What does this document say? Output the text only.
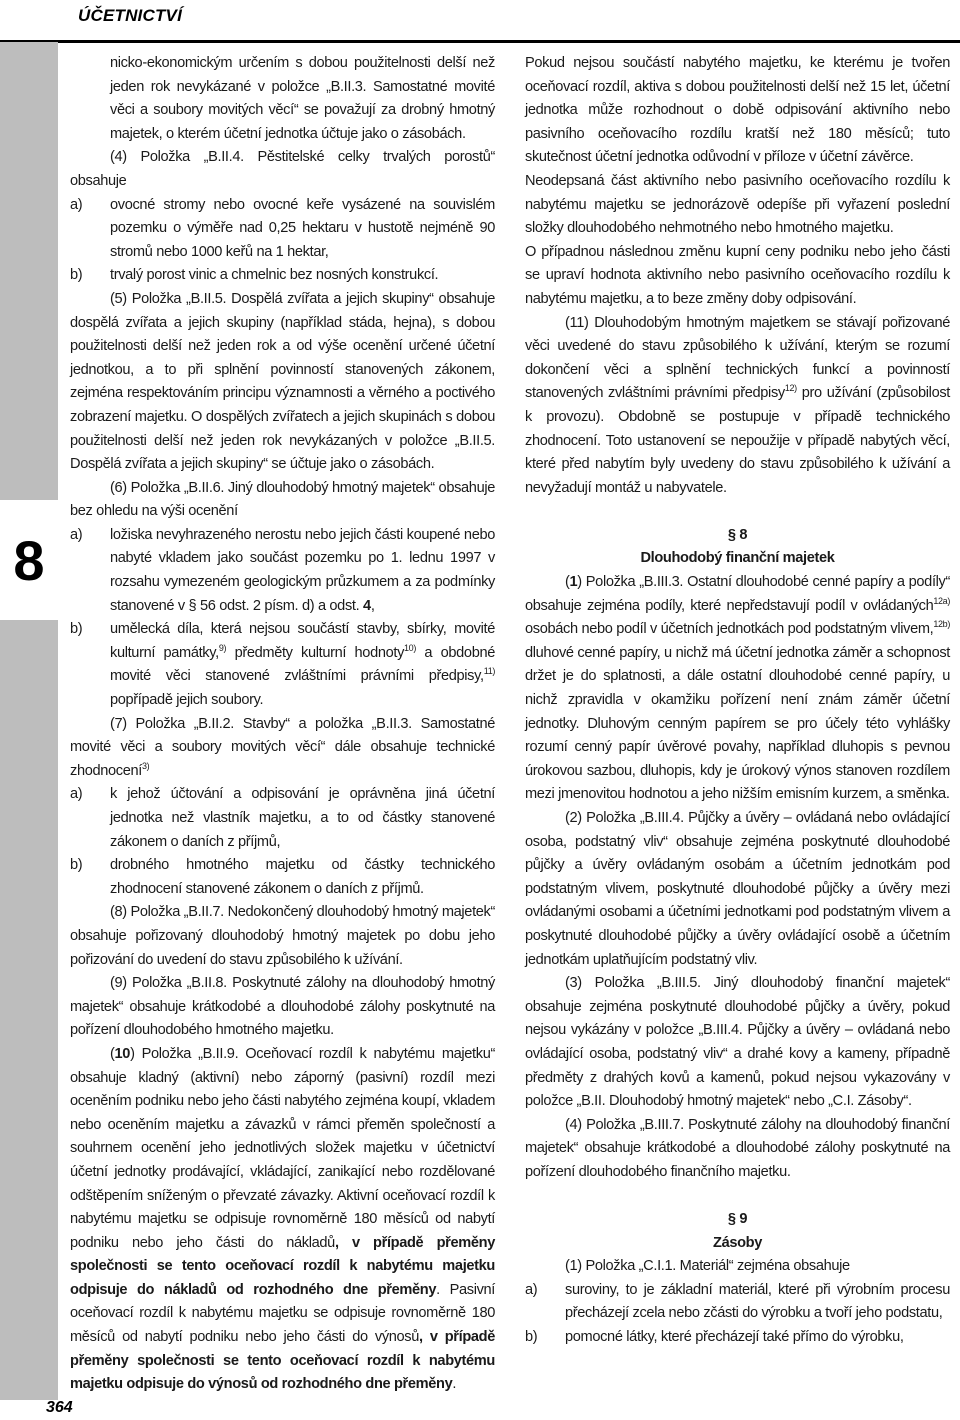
ÚČETNICTVÍ
8
364

nicko-ekonomickým určením s dobou použitelnosti delší než jeden rok nevykázané v položce „B.II.3. Samostatné movité věci a soubory movitých věcí“ se považují za drobný hmotný majetek, o kterém účetní jednotka účtuje jako o zásobách.

(4) Položka „B.II.4. Pěstitelské celky trvalých porostů“ obsahuje

a)	ovocné stromy nebo ovocné keře vysázené na souvislém pozemku o výměře nad 0,25 hektaru v hustotě nejméně 90 stromů nebo 1000 keřů na 1 hektar,
b)	trvalý porost vinic a chmelnic bez nosných konstrukcí.

(5) Položka „B.II.5. Dospělá zvířata a jejich skupiny“ obsahuje dospělá zvířata a jejich skupiny (například stáda, hejna), s dobou použitelnosti delší než jeden rok a od výše ocenění určené účetní jednotkou, a to při splnění povinností stanovených zákonem, zejména respektováním principu významnosti a věrného a poctivého zobrazení majetku. O dospělých zvířatech a jejich skupinách s dobou použitelnosti delší než jeden rok nevykázaných v položce „B.II.5. Dospělá zvířata a jejich skupiny“ se účtuje jako o zásobách.

(6) Položka „B.II.6. Jiný dlouhodobý hmotný majetek“ obsahuje bez ohledu na výši ocenění

a)	ložiska nevyhrazeného nerostu nebo jejich části koupené nebo nabyté vkladem jako součást pozemku po 1. lednu 1997 v rozsahu vymezeném geologickým průzkumem a za podmínky stanovené v § 56 odst. 2 písm. d) a odst. 4,
b)	umělecká díla, která nejsou součástí stavby, sbírky, movité kulturní památky,$^{9)}$ předměty kulturní hodnoty$^{10)}$ a obdobné movité věci stanovené zvláštními právními předpisy,$^{11)}$ popřípadě jejich soubory.

(7) Položka „B.II.2. Stavby“ a položka „B.II.3. Samostatné movité věci a soubory movitých věcí“ dále obsahuje technické zhodnocení$^{3)}$

a)	k jehož účtování a odpisování je oprávněna jiná účetní jednotka než vlastník majetku, a to od částky stanovené zákonem o daních z příjmů,
b)	drobného hmotného majetku od částky technického zhodnocení stanovené zákonem o daních z příjmů.

(8) Položka „B.II.7. Nedokončený dlouhodobý hmotný majetek“ obsahuje pořizovaný dlouhodobý hmotný majetek po dobu jeho pořizování do uvedení do stavu způsobilého k užívání.

(9) Položka „B.II.8. Poskytnuté zálohy na dlouhodobý hmotný majetek“ obsahuje krátkodobé a dlouhodobé zálohy poskytnuté na pořízení dlouhodobého hmotného majetku.

(10) Položka „B.II.9. Oceňovací rozdíl k nabytému majetku“ obsahuje kladný (aktivní) nebo záporný (pasivní) rozdíl mezi oceněním podniku nebo jeho části nabytého zejména koupí, vkladem nebo oceněním majetku a závazků v rámci přeměn společností a souhrnem ocenění jeho jednotlivých složek majetku v účetnictví účetní jednotky prodávající, vkládající, zanikající nebo rozdělované odštěpením sníženým o převzaté závazky. Aktivní oceňovací rozdíl k nabytému majetku se odpisuje rovnoměrně 180 měsíců od nabytí podniku nebo jeho části do nákladů, v případě přeměny společnosti se tento oceňovací rozdíl k nabytému majetku odpisuje do nákladů od rozhodného dne přeměny. Pasivní oceňovací rozdíl k nabytému majetku se odpisuje rovnoměrně 180 měsíců od nabytí podniku nebo jeho části do výnosů, v případě přeměny společnosti se tento oceňovací rozdíl k nabytému majetku odpisuje do výnosů od rozhodného dne přeměny.

Pokud nejsou součástí nabytého majetku, ke kterému je tvořen oceňovací rozdíl, aktiva s dobou použitelnosti delší než 15 let, účetní jednotka může rozhodnout o době odpisování aktivního nebo pasivního oceňovacího rozdílu kratší než 180 měsíců; tuto skutečnost účetní jednotka odůvodní v příloze v účetní závěrce.

Neodepsaná část aktivního nebo pasivního oceňovacího rozdílu k nabytému majetku se jednorázově odepíše při vyřazení poslední složky dlouhodobého nehmotného nebo hmotného majetku.

O případnou následnou změnu kupní ceny podniku nebo jeho části se upraví hodnota aktivního nebo pasivního oceňovacího rozdílu k nabytému majetku, a to beze změny doby odpisování.

(11) Dlouhodobým hmotným majetkem se stávají pořizované věci uvedené do stavu způsobilého k užívání, kterým se rozumí dokončení věci a splnění technických funkcí a povinností stanovených zvláštními právními předpisy$^{12)}$ pro užívání (způsobilost k provozu). Obdobně se postupuje v případě technického zhodnocení. Toto ustanovení se nepoužije v případě nabytých věcí, které před nabytím byly uvedeny do stavu způsobilého k užívání a nevyžadují montáž u nabyvatele.

§ 8

Dlouhodobý finanční majetek

(1) Položka „B.III.3. Ostatní dlouhodobé cenné papíry a podíly“ obsahuje zejména podíly, které nepředstavují podíl v ovládaných$^{12a)}$ osobách nebo podíl v účetních jednotkách pod podstatným vlivem,$^{12b)}$ dluhové cenné papíry, u nichž má účetní jednotka záměr a schopnost držet je do splatnosti, a dále ostatní dlouhodobé cenné papíry, u nichž zpravidla v okamžiku pořízení není znám záměr účetní jednotky. Dluhovým cenným papírem se pro účely této vyhlášky rozumí cenný papír úvěrové povahy, například dluhopis s pevnou úrokovou sazbou, dluhopis, kdy je úrokový výnos stanoven rozdílem mezi jmenovitou hodnotou a jeho nižším emisním kurzem, a směnka.

(2) Položka „B.III.4. Půjčky a úvěry – ovládaná nebo ovládající osoba, podstatný vliv“ obsahuje zejména poskytnuté dlouhodobé půjčky a úvěry ovládaným osobám a účetním jednotkám pod podstatným vlivem, poskytnuté dlouhodobé půjčky a úvěry mezi ovládanými osobami a účetními jednotkami pod podstatným vlivem a poskytnuté dlouhodobé půjčky a úvěry ovládající osobě a účetním jednotkám uplatňujícím podstatný vliv.

(3) Položka „B.III.5. Jiný dlouhodobý finanční majetek“ obsahuje zejména poskytnuté dlouhodobé půjčky a úvěry, pokud nejsou vykázány v položce „B.III.4. Půjčky a úvěry – ovládaná nebo ovládající osoba, podstatný vliv“ a drahé kovy a kameny, případně předměty z drahých kovů a kamenů, pokud nejsou vykazovány v položce „B.II. Dlouhodobý hmotný majetek“ nebo „C.I. Zásoby“.

(4) Položka „B.III.7. Poskytnuté zálohy na dlouhodobý finanční majetek“ obsahuje krátkodobé a dlouhodobé zálohy poskytnuté na pořízení dlouhodobého finančního majetku.

§ 9

Zásoby

(1) Položka „C.I.1. Materiál“ zejména obsahuje

a)	suroviny, to je základní materiál, které při výrobním procesu přecházejí zcela nebo zčásti do výrobku a tvoří jeho podstatu,
b)	pomocné látky, které přecházejí také přímo do výrobku,
